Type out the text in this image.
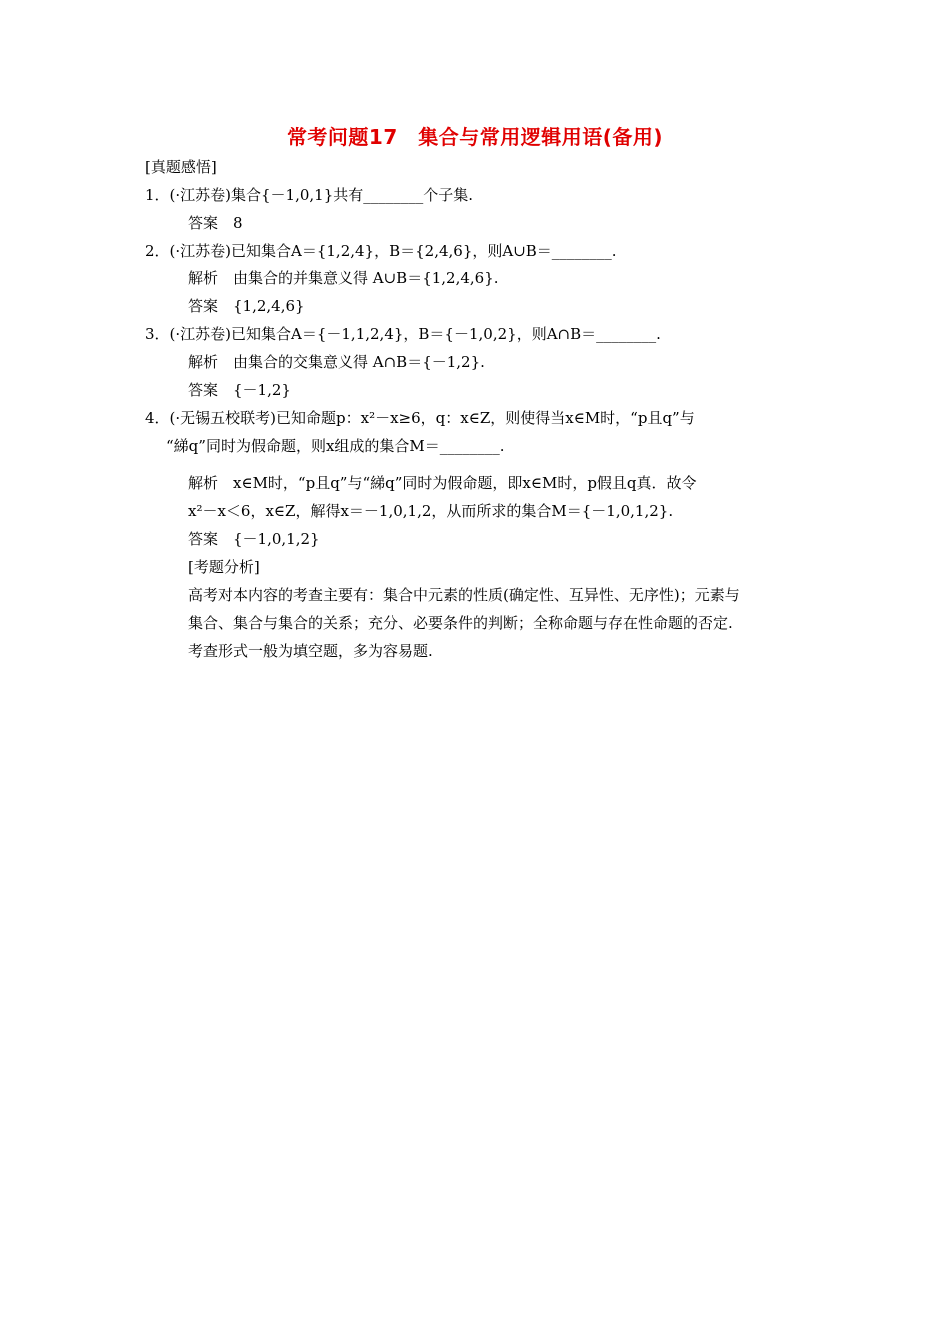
常考问题17　集合与常用逻辑用语(备用)
[真题感悟]
1．(·江苏卷)集合{－1,0,1}共有________个子集.
答案　8
2．(·江苏卷)已知集合A＝{1,2,4}，B＝{2,4,6}，则A∪B＝________.
解析　由集合的并集意义得 A∪B＝{1,2,4,6}.
答案　{1,2,4,6}
3．(·江苏卷)已知集合A＝{－1,1,2,4}，B＝{－1,0,2}，则A∩B＝________.
解析　由集合的交集意义得 A∩B＝{－1,2}.
答案　{－1,2}
4．(·无锡五校联考)已知命题p：x²－x≥6，q：x∈Z，则使得当x∈M时，“p且q”与
“綈q”同时为假命题，则x组成的集合M＝________.
解析　x∈M时，“p且q”与“綈q”同时为假命题，即x∈M时，p假且q真．故令
x²－x＜6，x∈Z，解得x＝－1,0,1,2，从而所求的集合M＝{－1,0,1,2}.
答案　{－1,0,1,2}
[考题分析]
高考对本内容的考查主要有：集合中元素的性质(确定性、互异性、无序性)；元素与
集合、集合与集合的关系；充分、必要条件的判断；全称命题与存在性命题的否定.
考查形式一般为填空题，多为容易题.
